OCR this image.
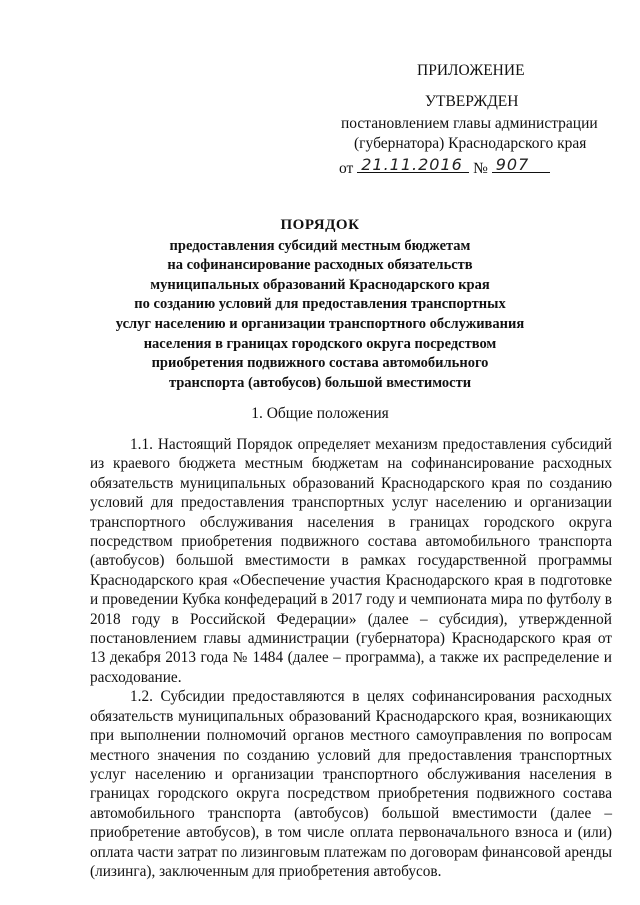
ПРИЛОЖЕНИЕ
УТВЕРЖДЕН
постановлением главы администрации
(губернатора) Краснодарского края
от 21.11.2016 № 907
ПОРЯДОК
предоставления субсидий местным бюджетам
на софинансирование расходных обязательств
муниципальных образований Краснодарского края
по созданию условий для предоставления транспортных
услуг населению и организации транспортного обслуживания
населения в границах городского округа посредством
приобретения подвижного состава автомобильного
транспорта (автобусов) большой вместимости
1. Общие положения

1.1. Настоящий Порядок определяет механизм предоставления субсидий из краевого бюджета местным бюджетам на софинансирование расходных обязательств муниципальных образований Краснодарского края по созданию условий для предоставления транспортных услуг населению и организации транспортного обслуживания населения в границах городского округа посредством приобретения подвижного состава автомобильного транспорта (автобусов) большой вместимости в рамках государственной программы Краснодарского края «Обеспечение участия Краснодарского края в подготовке и проведении Кубка конфедераций в 2017 году и чемпионата мира по футболу в 2018 году в Российской Федерации» (далее – субсидия), утвержденной постановлением главы администрации (губернатора) Краснодарского края от 13 декабря 2013 года № 1484 (далее – программа), а также их распределение и расходование.

1.2. Субсидии предоставляются в целях софинансирования расходных обязательств муниципальных образований Краснодарского края, возникающих при выполнении полномочий органов местного самоуправления по вопросам местного значения по созданию условий для предоставления транспортных услуг населению и организации транспортного обслуживания населения в границах городского округа посредством приобретения подвижного состава автомобильного транспорта (автобусов) большой вместимости (далее – приобретение автобусов), в том числе оплата первоначального взноса и (или) оплата части затрат по лизинговым платежам по договорам финансовой аренды (лизинга), заключенным для приобретения автобусов.
